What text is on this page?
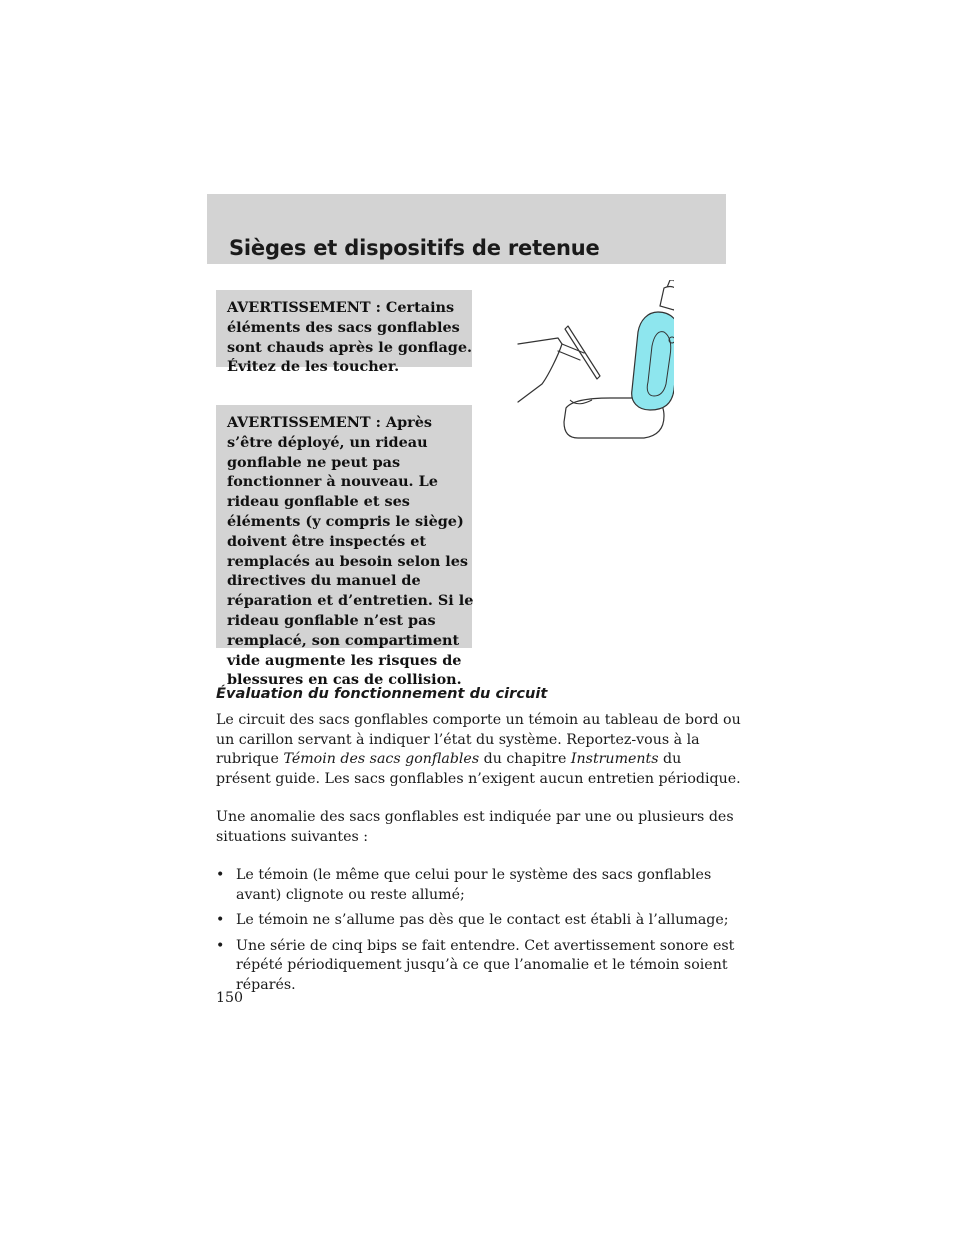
Sièges et dispositifs de retenue
AVERTISSEMENT : Certains
éléments des sacs gonflables
sont chauds après le gonflage.
Évitez de les toucher.
AVERTISSEMENT : Après
s’être déployé, un rideau
gonflable ne peut pas
fonctionner à nouveau. Le
rideau gonflable et ses
éléments (y compris le siège)
doivent être inspectés et
remplacés au besoin selon les
directives du manuel de
réparation et d’entretien. Si le
rideau gonflable n’est pas
remplacé, son compartiment
vide augmente les risques de
blessures en cas de collision.
Évaluation du fonctionnement du circuit
Le circuit des sacs gonflables comporte un témoin au tableau de bord ou
un carillon servant à indiquer l’état du système. Reportez-vous à la
rubrique Témoin des sacs gonflables du chapitre Instruments du
présent guide. Les sacs gonflables n’exigent aucun entretien périodique.
Une anomalie des sacs gonflables est indiquée par une ou plusieurs des
situations suivantes :
• Le témoin (le même que celui pour le système des sacs gonflables
avant) clignote ou reste allumé;
• Le témoin ne s’allume pas dès que le contact est établi à l’allumage;
• Une série de cinq bips se fait entendre. Cet avertissement sonore est
répété périodiquement jusqu’à ce que l’anomalie et le témoin soient
réparés.
150
